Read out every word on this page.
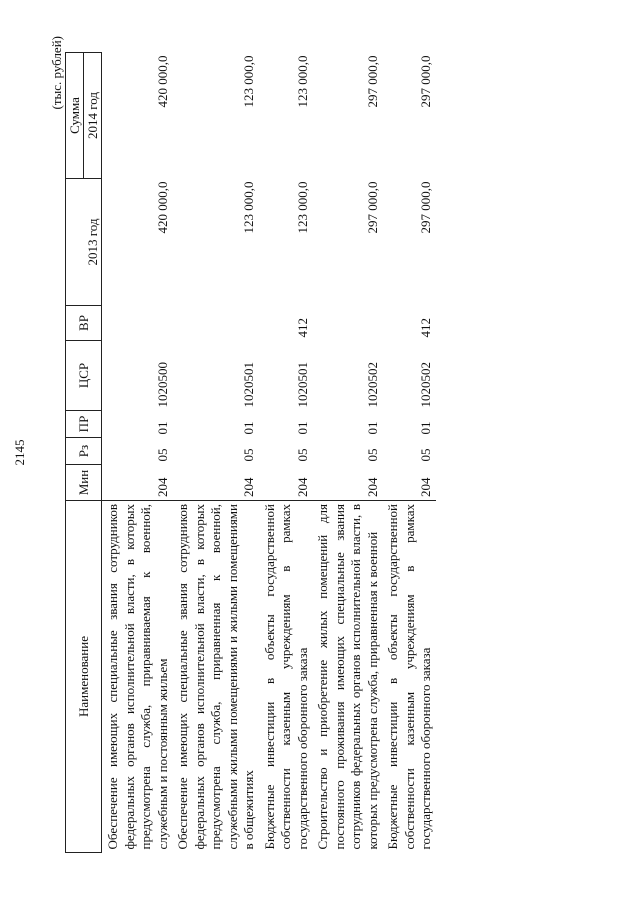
2145
(тыс. рублей)
Наименование	Мин	Рз	ПР	ЦСР	ВР		Сумма
						2013 год	2014 год
Обеспечение имеющих специальные звания сотрудников федеральных органов исполнительной власти, в которых предусмотрена служба, приравниваемая к военной, служебным и постоянным жильем	204	05	01	1020500		420 000,0	420 000,0
Обеспечение имеющих специальные звания сотрудников федеральных органов исполнительной власти, в которых предусмотрена служба, приравненная к военной, служебными жилыми помещениями и жилыми помещениями в общежитиях	204	05	01	1020501		123 000,0	123 000,0
Бюджетные инвестиции в объекты государственной собственности казенным учреждениям в рамках государственного оборонного заказа	204	05	01	1020501	412	123 000,0	123 000,0
Строительство и приобретение жилых помещений для постоянного проживания имеющих специальные звания сотрудников федеральных органов исполнительной власти, в которых предусмотрена служба, приравненная к военной	204	05	01	1020502		297 000,0	297 000,0
Бюджетные инвестиции в объекты государственной собственности казенным учреждениям в рамках государственного оборонного заказа	204	05	01	1020502	412	297 000,0	297 000,0
